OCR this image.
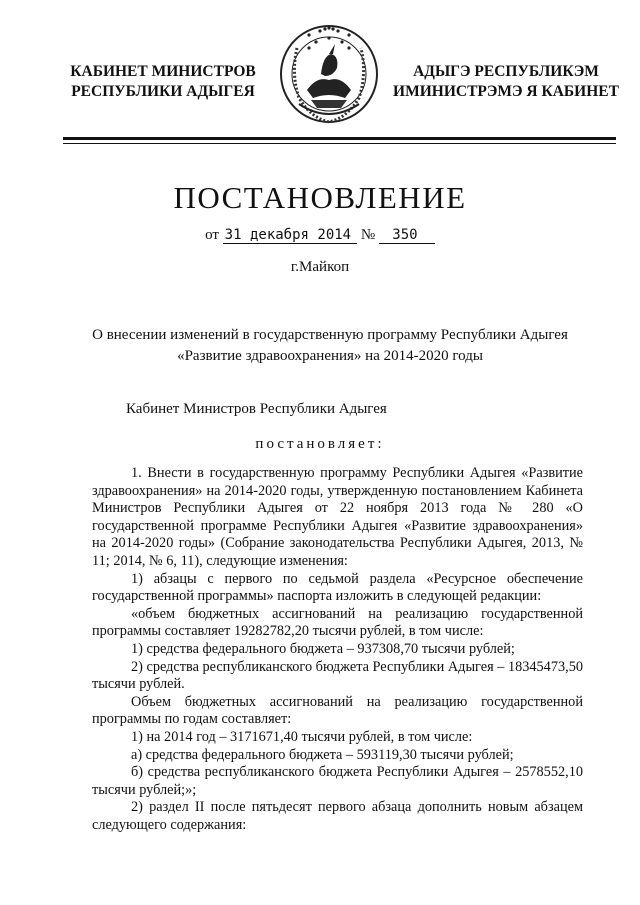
КАБИНЕТ МИНИСТРОВ
РЕСПУБЛИКИ АДЫГЕЯ
АДЫГЭ РЕСПУБЛИКЭМ
ИМИНИСТРЭМЭ Я КАБИНЕТ
ПОСТАНОВЛЕНИЕ
от 31 декабря 2014 № 350
г.Майкоп
О внесении изменений в государственную программу Республики Адыгея
«Развитие здравоохранения» на 2014-2020 годы
Кабинет Министров Республики Адыгея
постановляет:

1. Внести в государственную программу Республики Адыгея «Развитие здравоохранения» на 2014-2020 годы, утвержденную постановлением Кабинета Министров Республики Адыгея от 22 ноября 2013 года № 280 «О государственной программе Республики Адыгея «Развитие здравоохранения» на 2014-2020 годы» (Собрание законодательства Республики Адыгея, 2013, № 11; 2014, № 6, 11), следующие изменения:

1) абзацы с первого по седьмой раздела «Ресурсное обеспечение государственной программы» паспорта изложить в следующей редакции:

«объем бюджетных ассигнований на реализацию государственной программы составляет 19282782,20 тысячи рублей, в том числе:

1) средства федерального бюджета – 937308,70 тысячи рублей;

2) средства республиканского бюджета Республики Адыгея – 18345473,50 тысячи рублей.

Объем бюджетных ассигнований на реализацию государственной программы по годам составляет:

1) на 2014 год – 3171671,40 тысячи рублей, в том числе:

а) средства федерального бюджета – 593119,30 тысячи рублей;

б) средства республиканского бюджета Республики Адыгея – 2578552,10 тысячи рублей;»;

2) раздел II после пятьдесят первого абзаца дополнить новым абзацем следующего содержания:
